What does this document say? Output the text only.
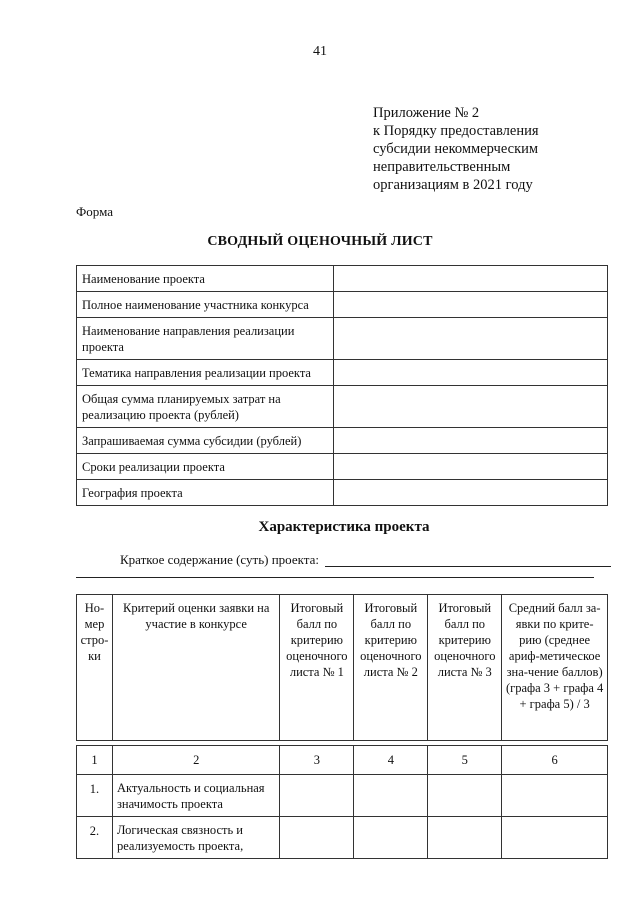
41
Приложение № 2
к Порядку предоставления
субсидии некоммерческим
неправительственным
организациям в 2021 году
Форма
СВОДНЫЙ ОЦЕНОЧНЫЙ ЛИСТ
Наименование проекта	
Полное наименование участника конкурса	
Наименование направления реализации проекта	
Тематика направления реализации проекта	
Общая сумма планируемых затрат на реализацию проекта (рублей)	
Запрашиваемая сумма субсидии (рублей)	
Сроки реализации проекта	
География проекта	
Характеристика проекта
Краткое содержание (суть) проекта:
Но-мер стро-ки	Критерий оценки заявки на участие в конкурсе	Итоговый балл по критерию оценочного листа № 1	Итоговый балл по критерию оценочного листа № 2	Итоговый балл по критерию оценочного листа № 3	Средний балл за-явки по крите-рию (среднее ариф-метическое зна-чение баллов) (графа 3 + графа 4 + графа 5) / 3

1	2	3	4	5	6
1.	Актуальность и социальная значимость проекта				
2.	Логическая связность и реализуемость проекта,				
